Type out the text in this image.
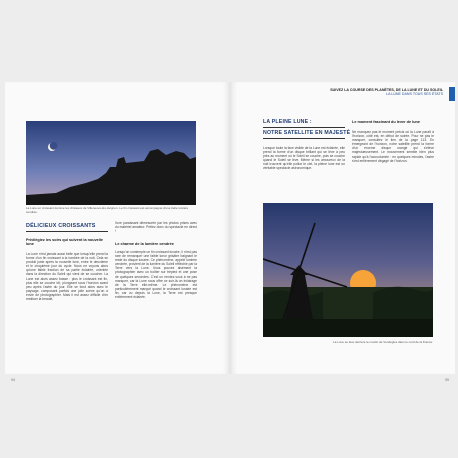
La Lune en croissant domine les châteaux de Villeneuve-lès-Avignon. Le fin croissant est accompagné d'une belle lumière cendrée.
DÉLICIEUX CROISSANTS
Privilégiez les soirs qui suivent la nouvelle lune
La Lune n'est jamais aussi belle que lorsqu'elle prend la forme d'un fin croissant à la tombée de la nuit. Cela se produit juste après la nouvelle lune, entre le deuxième et le cinquième jour du cycle. Nous ne voyons alors qu'une faible fraction de sa partie éclairée, orientée dans la direction du Soleil qui vient de se coucher. La Lune est alors assez basse : plus le croissant est fin, plus elle se couche tôt, plongeant sous l'horizon avant peu après l'astre du jour. Elle se fond alors avec le paysage, composant parfois une jolie scène qu'on a envie de photographier. Mais il est assez difficile d'en restituer la beauté,
l'une paraissant démesurée par les photos prises avec du matériel amateur. Prétez donc du spectacle en direct !
Le charme de la lumière cendrée
Lorsqu'on contemple un fin croissant lunaire, il n'est pas rare de remarquer une faible lueur grisâtre baignant le reste du disque lunaire. Ce phénomène, appelé lumière cendrée, provient de la lumière du Soleil réfléchie par la Terre vers la Lune. Vous pouvez aisément la photographier avec un boîtier sur trépied et une pose de quelques secondes. C'est un rendez-vous à ne pas manquer, car la Lune nous offre ce soir-là un éclairage de la Terre elle-même. Le phénomène est particulièrement marqué quand le croissant lunaire est fin, car vu depuis la Lune, la Terre est presque entièrement éclairée.
94
SUIVEZ LA COURSE DES PLANÈTES, DE LA LUNE ET DU SOLEIL
LA LUNE DANS TOUS SES ÉTATS
LA PLEINE LUNE :
NOTRE SATELLITE EN MAJESTÉ
Lorsque toute la face visible de la Lune est éclairée, elle prend la forme d'un disque brillant qui se lève à peu près au moment où le Soleil se couche, puis se couche quand le Soleil se lève. Même si les amoureux de la nuit trouvent qu'elle pollue le ciel, la pleine lune est un véritable spectacle astronomique.
Le moment fascinant du lever de lune
Ne manquez pas le moment précis où la Lune paraît à l'horizon, côté est, en début de soirée. Pour ne pas le manquer, consultez le lien de la page 113. En émergeant de l'horizon, notre satellite prend la forme d'un énorme disque orangé qui s'élève majestueusement. Le mouvement semble bien plus rapide qu'à l'accoutumée : en quelques minutes, l'astre s'est entièrement dégagé de l'horizon.
La Lune se lève derrière le moulin de Vendégies dans le nord de la France.
95
